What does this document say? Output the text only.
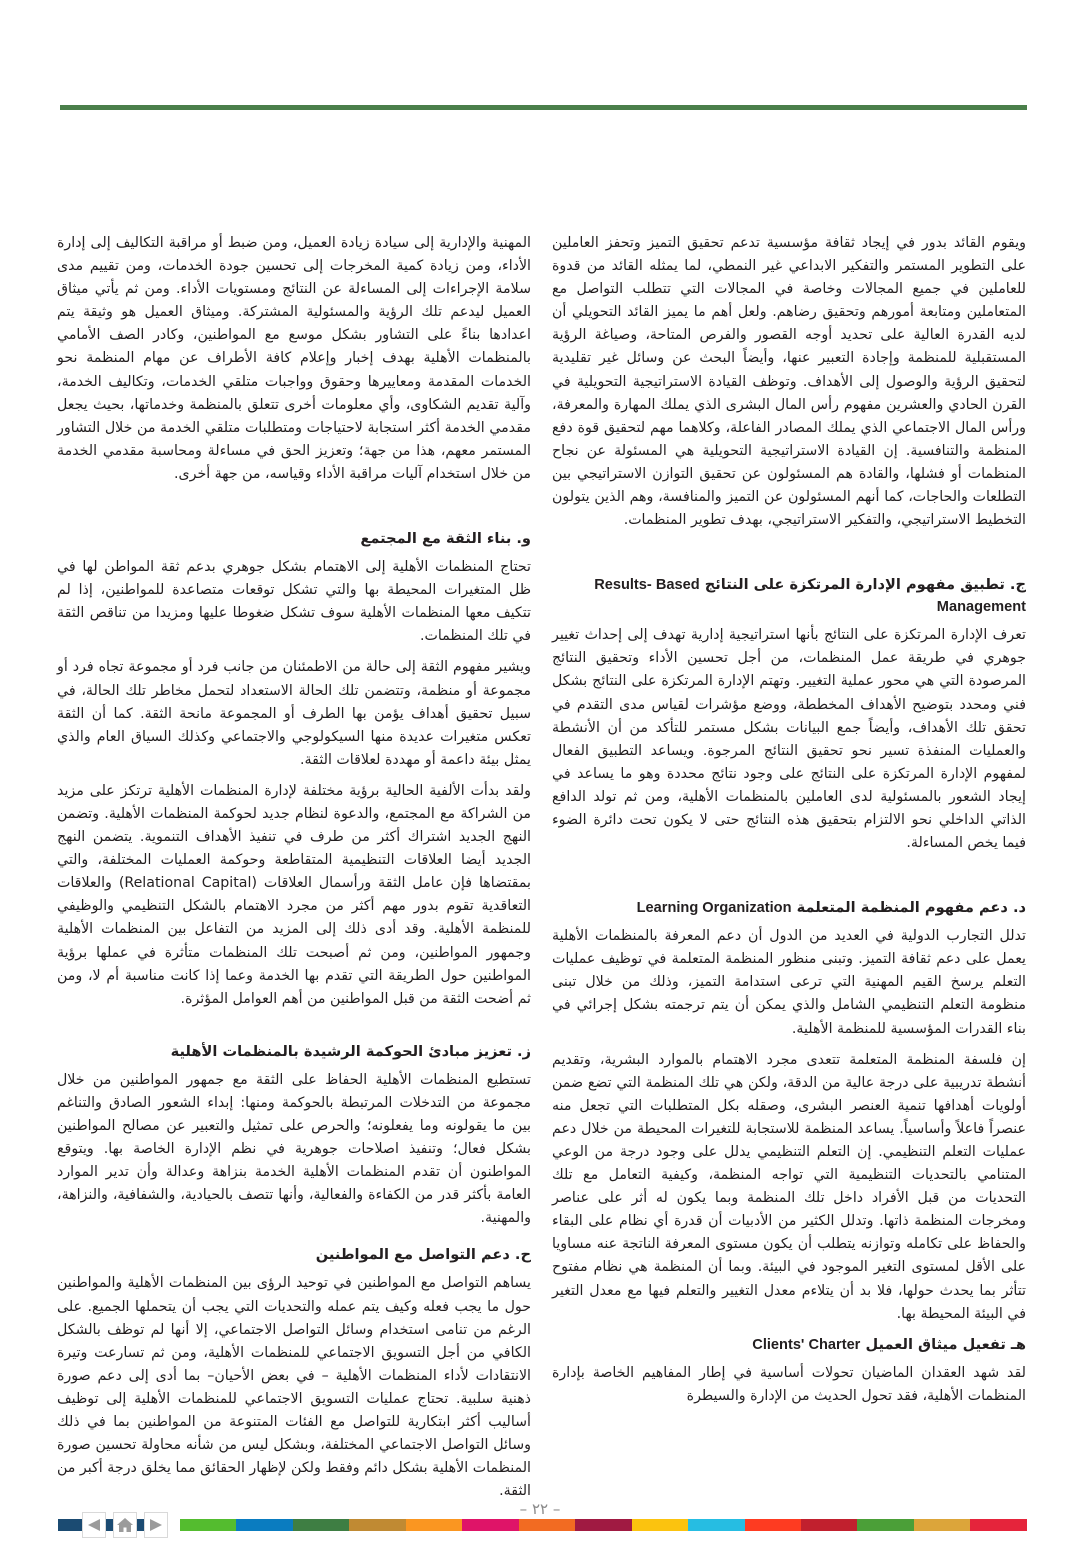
ويقوم القائد بدور في إيجاد ثقافة مؤسسية تدعم تحقيق التميز وتحفز العاملين على التطوير المستمر والتفكير الابداعي غير النمطي، لما يمثله القائد من قدوة للعاملين في جميع المجالات وخاصة في المجالات التي تتطلب التواصل مع المتعاملين ومتابعة أمورهم وتحقيق رضاهم. ولعل أهم ما يميز القائد التحويلي أن لديه القدرة العالية على تحديد أوجه القصور والفرص المتاحة، وصياغة الرؤية المستقبلية للمنظمة وإجادة التعبير عنها، وأيضاً البحث عن وسائل غير تقليدية لتحقيق الرؤية والوصول إلى الأهداف. وتوظف القيادة الاستراتيجية التحويلية في القرن الحادي والعشرين مفهوم رأس المال البشرى الذي يملك المهارة والمعرفة، ورأس المال الاجتماعي الذي يملك المصادر الفاعلة، وكلاهما مهم لتحقيق قوة دفع المنظمة والتنافسية. إن القيادة الاستراتيجية التحويلية هي المسئولة عن نجاح المنظمات أو فشلها، والقادة هم المسئولون عن تحقيق التوازن الاستراتيجي بين التطلعات والحاجات، كما أنهم المسئولون عن التميز والمنافسة، وهم الذين يتولون التخطيط الاستراتيجي، والتفكير الاستراتيجي، بهدف تطوير المنظمات.

ج. تطبيق مفهوم الإدارة المرتكزة على النتائج Results- Based Management

تعرف الإدارة المرتكزة على النتائج بأنها استراتيجية إدارية تهدف إلى إحداث تغيير جوهري في طريقة عمل المنظمات، من أجل تحسين الأداء وتحقيق النتائج المرصودة التي هي محور عملية التغيير. وتهتم الإدارة المرتكزة على النتائج بشكل فني ومحدد بتوضيح الأهداف المخططة، ووضع مؤشرات لقياس مدى التقدم في تحقق تلك الأهداف، وأيضاً جمع البيانات بشكل مستمر للتأكد من أن الأنشطة والعمليات المنفذة تسير نحو تحقيق النتائج المرجوة. ويساعد التطبيق الفعال لمفهوم الإدارة المرتكزة على النتائج على وجود نتائج محددة وهو ما يساعد في إيجاد الشعور بالمسئولية لدى العاملين بالمنظمات الأهلية، ومن ثم تولد الدافع الذاتي الداخلي نحو الالتزام بتحقيق هذه النتائج حتى لا يكون تحت دائرة الضوء فيما يخص المساءلة.

د. دعم مفهوم المنظمة المتعلمة Learning Organization

تدلل التجارب الدولية في العديد من الدول أن دعم المعرفة بالمنظمات الأهلية يعمل على دعم ثقافة التميز. وتبنى منظور المنظمة المتعلمة في توظيف عمليات التعلم يرسخ القيم المهنية التي ترعى استدامة التميز، وذلك من خلال تبنى منظومة التعلم التنظيمي الشامل والذي يمكن أن يتم ترجمته بشكل إجرائي في بناء القدرات المؤسسية للمنظمة الأهلية.

إن فلسفة المنظمة المتعلمة تتعدى مجرد الاهتمام بالموارد البشرية، وتقديم أنشطة تدريبية على درجة عالية من الدقة، ولكن هي تلك المنظمة التي تضع ضمن أولويات أهدافها تنمية العنصر البشرى، وصقله بكل المتطلبات التي تجعل منه عنصراً فاعلاً وأساسياً. يساعد المنظمة للاستجابة للتغيرات المحيطة من خلال دعم عمليات التعلم التنظيمي. إن التعلم التنظيمي يدلل على وجود درجة من الوعي المتنامي بالتحديات التنظيمية التي تواجه المنظمة، وكيفية التعامل مع تلك التحديات من قبل الأفراد داخل تلك المنظمة وبما يكون له أثر على عناصر ومخرجات المنظمة ذاتها. وتدلل الكثير من الأدبيات أن قدرة أي نظام على البقاء والحفاظ على تكامله وتوازنه يتطلب أن يكون مستوى المعرفة الناتجة عنه مساويا على الأقل لمستوى التغير الموجود في البيئة. وبما أن المنظمة هي نظام مفتوح تتأثر بما يحدث حولها، فلا بد أن يتلاءم معدل التغيير والتعلم فيها مع معدل التغير في البيئة المحيطة بها.

هـ تفعيل ميثاق العميل Clients' Charter

لقد شهد العقدان الماضيان تحولات أساسية في إطار المفاهيم الخاصة بإدارة المنظمات الأهلية، فقد تحول الحديث من الإدارة والسيطرة

المهنية والإدارية إلى سيادة زيادة العميل، ومن ضبط أو مراقبة التكاليف إلى إدارة الأداء، ومن زيادة كمية المخرجات إلى تحسين جودة الخدمات، ومن تقييم مدى سلامة الإجراءات إلى المساءلة عن النتائج ومستويات الأداء. ومن ثم يأتي ميثاق العميل ليدعم تلك الرؤية والمسئولية المشتركة. وميثاق العميل هو وثيقة يتم اعدادها بناءً على التشاور بشكل موسع مع المواطنين، وكادر الصف الأمامي بالمنظمات الأهلية بهدف إخبار وإعلام كافة الأطراف عن مهام المنظمة نحو الخدمات المقدمة ومعاييرها وحقوق وواجبات متلقي الخدمات، وتكاليف الخدمة، وآلية تقديم الشكاوى، وأي معلومات أخرى تتعلق بالمنظمة وخدماتها، بحيث يجعل مقدمي الخدمة أكثر استجابة لاحتياجات ومتطلبات متلقي الخدمة من خلال التشاور المستمر معهم، هذا من جهة؛ وتعزيز الحق في مساءلة ومحاسبة مقدمي الخدمة من خلال استخدام آليات مراقبة الأداء وقياسه، من جهة أخرى.

و. بناء الثقة مع المجتمع

تحتاج المنظمات الأهلية إلى الاهتمام بشكل جوهري بدعم ثقة المواطن لها في ظل المتغيرات المحيطة بها والتي تشكل توقعات متصاعدة للمواطنين، إذا لم تتكيف معها المنظمات الأهلية سوف تشكل ضغوطا عليها ومزيدا من تناقص الثقة في تلك المنظمات.

ويشير مفهوم الثقة إلى حالة من الاطمئنان من جانب فرد أو مجموعة تجاه فرد أو مجموعة أو منظمة، وتتضمن تلك الحالة الاستعداد لتحمل مخاطر تلك الحالة، في سبيل تحقيق أهداف يؤمن بها الطرف أو المجموعة مانحة الثقة. كما أن الثقة تعكس متغيرات عديدة منها السيكولوجي والاجتماعي وكذلك السياق العام والذي يمثل بيئة داعمة أو مهددة لعلاقات الثقة.

ولقد بدأت الألفية الحالية برؤية مختلفة لإدارة المنظمات الأهلية ترتكز على مزيد من الشراكة مع المجتمع، والدعوة لنظام جديد لحوكمة المنظمات الأهلية. وتضمن النهج الجديد اشتراك أكثر من طرف في تنفيذ الأهداف التنموية. يتضمن النهج الجديد أيضا العلاقات التنظيمية المتقاطعة وحوكمة العمليات المختلفة، والتي بمقتضاها فإن عامل الثقة ورأسمال العلاقات (Relational Capital) والعلاقات التعاقدية تقوم بدور مهم أكثر من مجرد الاهتمام بالشكل التنظيمي والوظيفي للمنظمة الأهلية. وقد أدى ذلك إلى المزيد من التفاعل بين المنظمات الأهلية وجمهور المواطنين، ومن ثم أصبحت تلك المنظمات متأثرة في عملها برؤية المواطنين حول الطريقة التي تقدم بها الخدمة وعما إذا كانت مناسبة أم لا، ومن ثم أضحت الثقة من قبل المواطنين من أهم العوامل المؤثرة.

ز. تعزيز مبادئ الحوكمة الرشيدة بالمنظمات الأهلية

تستطيع المنظمات الأهلية الحفاظ على الثقة مع جمهور المواطنين من خلال مجموعة من التدخلات المرتبطة بالحوكمة ومنها: إبداء الشعور الصادق والتناغم بين ما يقولونه وما يفعلونه؛ والحرص على تمثيل والتعبير عن مصالح المواطنين بشكل فعال؛ وتنفيذ اصلاحات جوهرية في نظم الإدارة الخاصة بها. ويتوقع المواطنون أن تقدم المنظمات الأهلية الخدمة بنزاهة وعدالة وأن تدير الموارد العامة بأكثر قدر من الكفاءة والفعالية، وأنها تتصف بالحيادية، والشفافية، والنزاهة، والمهنية.

ح. دعم التواصل مع المواطنين

يساهم التواصل مع المواطنين في توحيد الرؤى بين المنظمات الأهلية والمواطنين حول ما يجب فعله وكيف يتم عمله والتحديات التي يجب أن يتحملها الجميع. على الرغم من تنامى استخدام وسائل التواصل الاجتماعي، إلا أنها لم توظف بالشكل الكافي من أجل التسويق الاجتماعي للمنظمات الأهلية، ومن ثم تسارعت وتيرة الانتقادات لأداء المنظمات الأهلية – في بعض الأحيان– بما أدى إلى دعم صورة ذهنية سلبية. تحتاج عمليات التسويق الاجتماعي للمنظمات الأهلية إلى توظيف أساليب أكثر ابتكارية للتواصل مع الفئات المتنوعة من المواطنين بما في ذلك وسائل التواصل الاجتماعي المختلفة، وبشكل ليس من شأنه محاولة تحسين صورة المنظمات الأهلية بشكل دائم وفقط ولكن لإظهار الحقائق مما يخلق درجة أكبر من الثقة.

– ٢٢ –
